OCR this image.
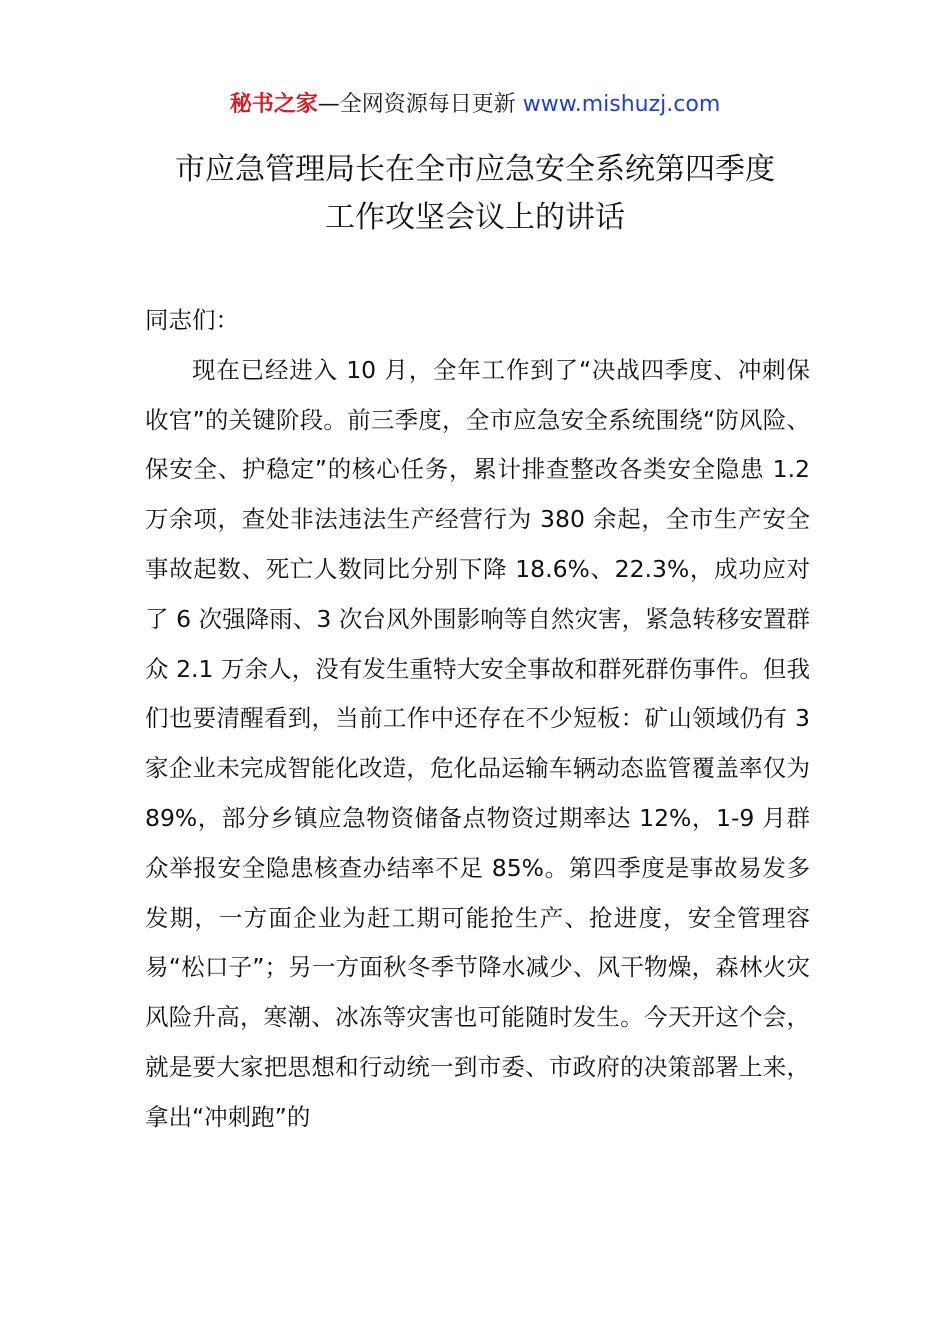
秘书之家—全网资源每日更新 www.mishuzj.com
市应急管理局长在全市应急安全系统第四季度
工作攻坚会议上的讲话

同志们：

现在已经进入 10 月，全年工作到了“决战四季度、冲刺保收官”的关键阶段。前三季度，全市应急安全系统围绕“防风险、保安全、护稳定”的核心任务，累计排查整改各类安全隐患 1.2 万余项，查处非法违法生产经营行为 380 余起，全市生产安全事故起数、死亡人数同比分别下降 18.6%、22.3%，成功应对了 6 次强降雨、3 次台风外围影响等自然灾害，紧急转移安置群众 2.1 万余人，没有发生重特大安全事故和群死群伤事件。但我们也要清醒看到，当前工作中还存在不少短板：矿山领域仍有 3 家企业未完成智能化改造，危化品运输车辆动态监管覆盖率仅为 89%，部分乡镇应急物资储备点物资过期率达 12%，1-9 月群众举报安全隐患核查办结率不足 85%。第四季度是事故易发多发期，一方面企业为赶工期可能抢生产、抢进度，安全管理容易“松口子”；另一方面秋冬季节降水减少、风干物燥，森林火灾风险升高，寒潮、冰冻等灾害也可能随时发生。今天开这个会，就是要大家把思想和行动统一到市委、市政府的决策部署上来，拿出“冲刺跑”的
